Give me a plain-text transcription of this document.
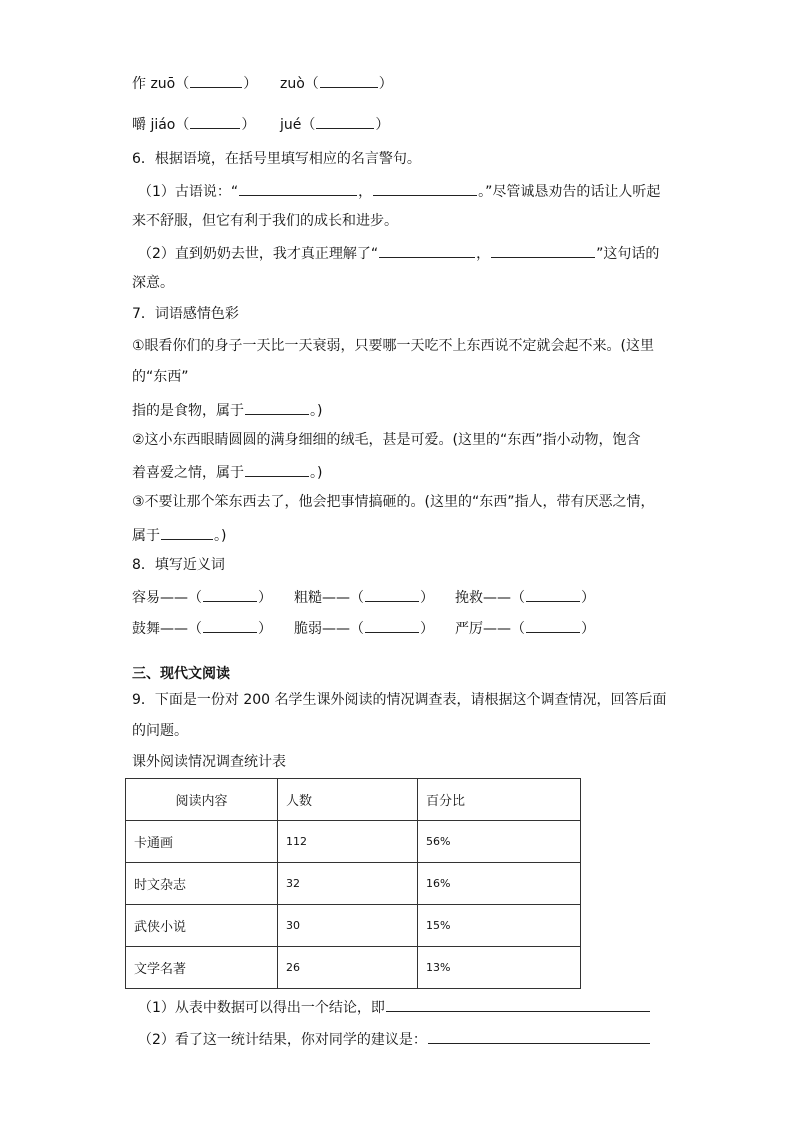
作 zuō（	） zuò（	）
嚼 jiáo（	） jué（	）
6．根据语境，在括号里填写相应的名言警句。
（1）古语说：“	，	。”尽管诚恳劝告的话让人听起
来不舒服，但它有利于我们的成长和进步。
（2）直到奶奶去世，我才真正理解了“	，	”这句话的
深意。
7．词语感情色彩
①眼看你们的身子一天比一天衰弱，只要哪一天吃不上东西说不定就会起不来。(这里
的“东西”
指的是食物，属于	。)
②这小东西眼睛圆圆的满身细细的绒毛，甚是可爱。(这里的“东西”指小动物，饱含
着喜爱之情，属于	。)
③不要让那个笨东西去了，他会把事情搞砸的。(这里的“东西”指人，带有厌恶之情，
属于	。)
8．填写近义词
容易——（	） 粗糙——（	） 挽救——（	）
鼓舞——（	） 脆弱——（	） 严厉——（	）
三、现代文阅读
9．下面是一份对 200 名学生课外阅读的情况调查表，请根据这个调查情况，回答后面
的问题。
课外阅读情况调查统计表
阅读内容	人数	百分比
卡通画	112	56%
时文杂志	32	16%
武侠小说	30	15%
文学名著	26	13%
（1）从表中数据可以得出一个结论，即
（2）看了这一统计结果，你对同学的建议是：
